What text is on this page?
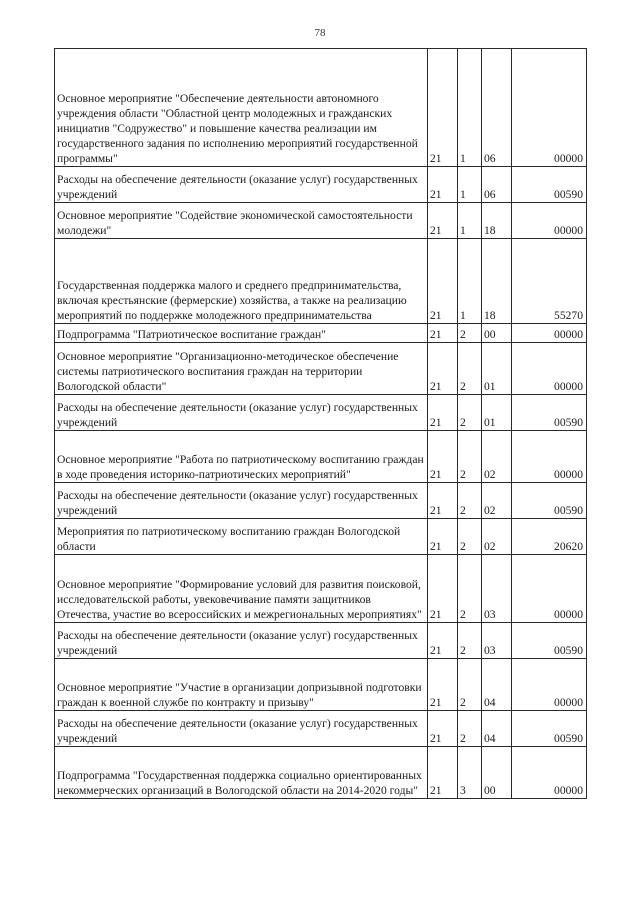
78
Основное мероприятие "Обеспечение деятельности автономного учреждения области "Областной центр молодежных и гражданских инициатив "Содружество" и повышение качества реализации им государственного задания по исполнению мероприятий государственной программы"	21	1	06	00000
Расходы на обеспечение деятельности (оказание услуг) государственных учреждений	21	1	06	00590
Основное мероприятие "Содействие экономической самостоятельности молодежи"	21	1	18	00000
Государственная поддержка малого и среднего предпринимательства, включая крестьянские (фермерские) хозяйства, а также на реализацию мероприятий по поддержке молодежного предпринимательства	21	1	18	55270
Подпрограмма "Патриотическое воспитание граждан"	21	2	00	00000
Основное мероприятие "Организационно-методическое обеспечение системы патриотического воспитания граждан на территории Вологодской области"	21	2	01	00000
Расходы на обеспечение деятельности (оказание услуг) государственных учреждений	21	2	01	00590
Основное мероприятие "Работа по патриотическому воспитанию граждан в ходе проведения историко-патриотических мероприятий"	21	2	02	00000
Расходы на обеспечение деятельности (оказание услуг) государственных учреждений	21	2	02	00590
Мероприятия по патриотическому воспитанию граждан Вологодской области	21	2	02	20620
Основное мероприятие "Формирование условий для развития поисковой, исследовательской работы, увековечивание памяти защитников Отечества, участие во всероссийских и межрегиональных мероприятиях"	21	2	03	00000
Расходы на обеспечение деятельности (оказание услуг) государственных учреждений	21	2	03	00590
Основное мероприятие "Участие в организации допризывной подготовки граждан к военной службе по контракту и призыву"	21	2	04	00000
Расходы на обеспечение деятельности (оказание услуг) государственных учреждений	21	2	04	00590
Подпрограмма "Государственная поддержка социально ориентированных некоммерческих организаций в Вологодской области на 2014-2020 годы"	21	3	00	00000
